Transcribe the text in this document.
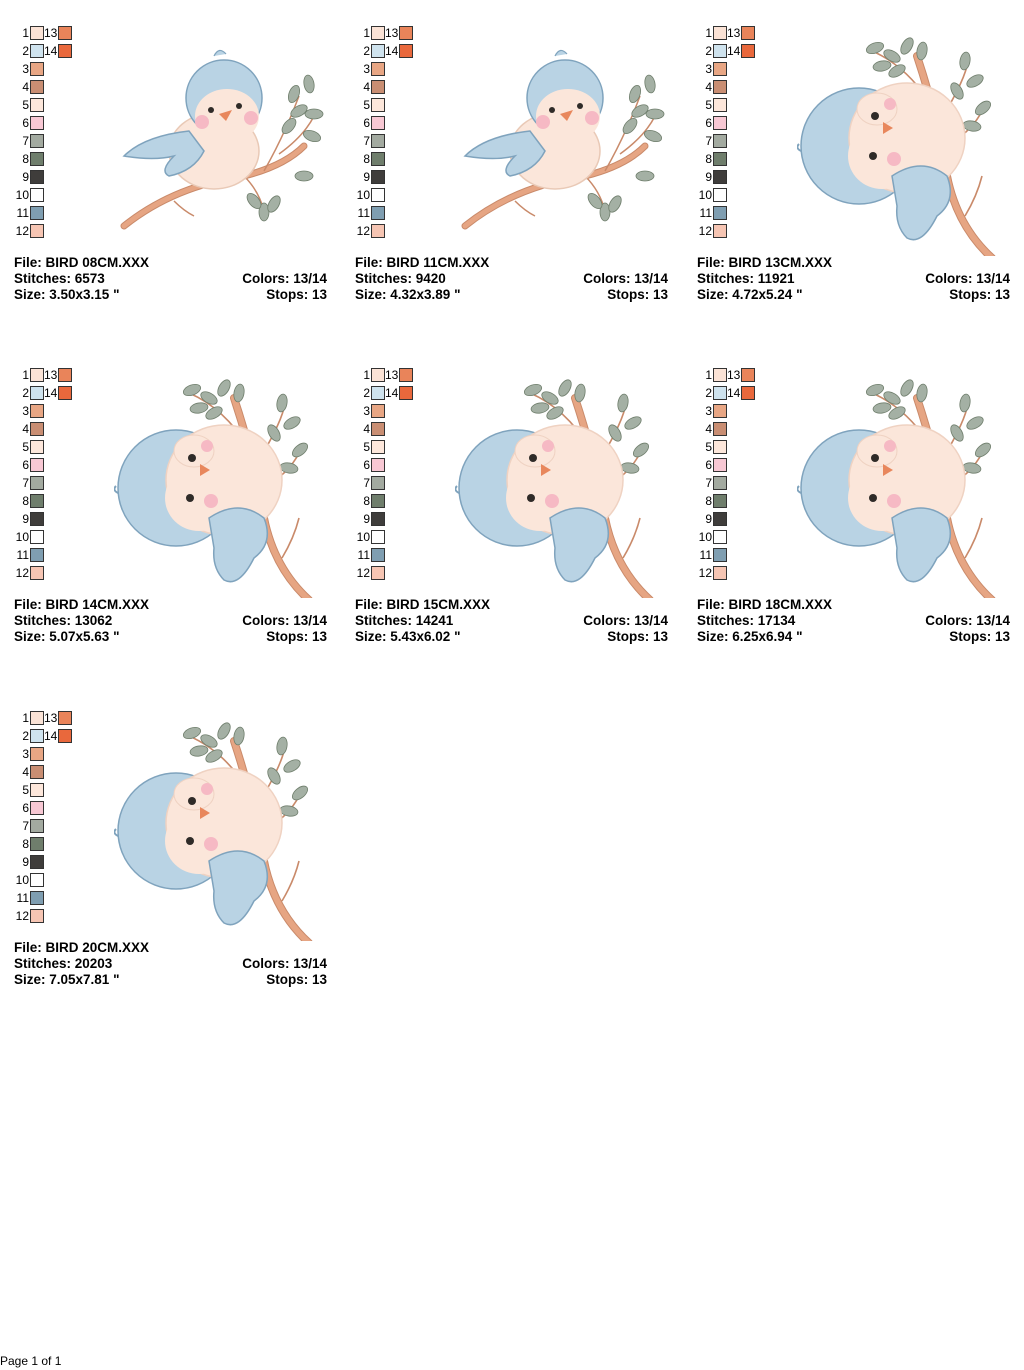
1 13
2 14
3
4
5
6
7
8
9
10
11
12
File: BIRD 08CM.XXX
Stitches: 6573	Colors: 13/14
Size: 3.50x3.15 "	Stops: 13
1 13
2 14
3
4
5
6
7
8
9
10
11
12
File: BIRD 11CM.XXX
Stitches: 9420	Colors: 13/14
Size: 4.32x3.89 "	Stops: 13
1 13
2 14
3
4
5
6
7
8
9
10
11
12
File: BIRD 13CM.XXX
Stitches: 11921	Colors: 13/14
Size: 4.72x5.24 "	Stops: 13
1 13
2 14
3
4
5
6
7
8
9
10
11
12
File: BIRD 14CM.XXX
Stitches: 13062	Colors: 13/14
Size: 5.07x5.63 "	Stops: 13
1 13
2 14
3
4
5
6
7
8
9
10
11
12
File: BIRD 15CM.XXX
Stitches: 14241	Colors: 13/14
Size: 5.43x6.02 "	Stops: 13
1 13
2 14
3
4
5
6
7
8
9
10
11
12
File: BIRD 18CM.XXX
Stitches: 17134	Colors: 13/14
Size: 6.25x6.94 "	Stops: 13
1 13
2 14
3
4
5
6
7
8
9
10
11
12
File: BIRD 20CM.XXX
Stitches: 20203	Colors: 13/14
Size: 7.05x7.81 "	Stops: 13
Page 1 of 1
